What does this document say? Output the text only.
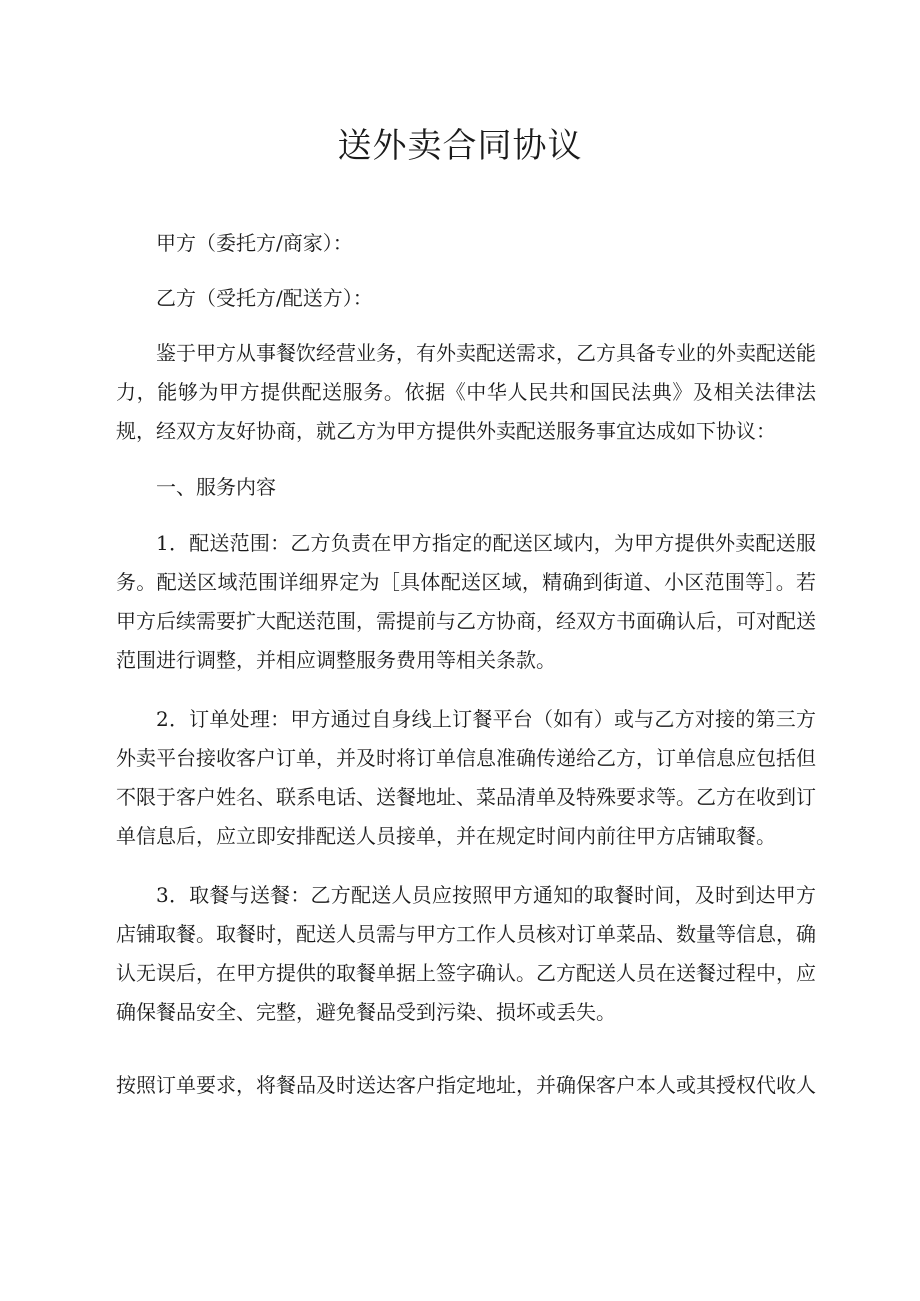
送外卖合同协议

甲方（委托方/商家）：

乙方（受托方/配送方）：

鉴于甲方从事餐饮经营业务，有外卖配送需求，乙方具备专业的外卖配送能力，能够为甲方提供配送服务。依据《中华人民共和国民法典》及相关法律法规，经双方友好协商，就乙方为甲方提供外卖配送服务事宜达成如下协议：

一、服务内容

1．配送范围：乙方负责在甲方指定的配送区域内，为甲方提供外卖配送服务。配送区域范围详细界定为［具体配送区域，精确到街道、小区范围等］。若甲方后续需要扩大配送范围，需提前与乙方协商，经双方书面确认后，可对配送范围进行调整，并相应调整服务费用等相关条款。

2．订单处理：甲方通过自身线上订餐平台（如有）或与乙方对接的第三方外卖平台接收客户订单，并及时将订单信息准确传递给乙方，订单信息应包括但不限于客户姓名、联系电话、送餐地址、菜品清单及特殊要求等。乙方在收到订单信息后，应立即安排配送人员接单，并在规定时间内前往甲方店铺取餐。

3．取餐与送餐：乙方配送人员应按照甲方通知的取餐时间，及时到达甲方店铺取餐。取餐时，配送人员需与甲方工作人员核对订单菜品、数量等信息，确认无误后，在甲方提供的取餐单据上签字确认。乙方配送人员在送餐过程中，应确保餐品安全、完整，避免餐品受到污染、损坏或丢失。

按照订单要求，将餐品及时送达客户指定地址，并确保客户本人或其授权代收人
